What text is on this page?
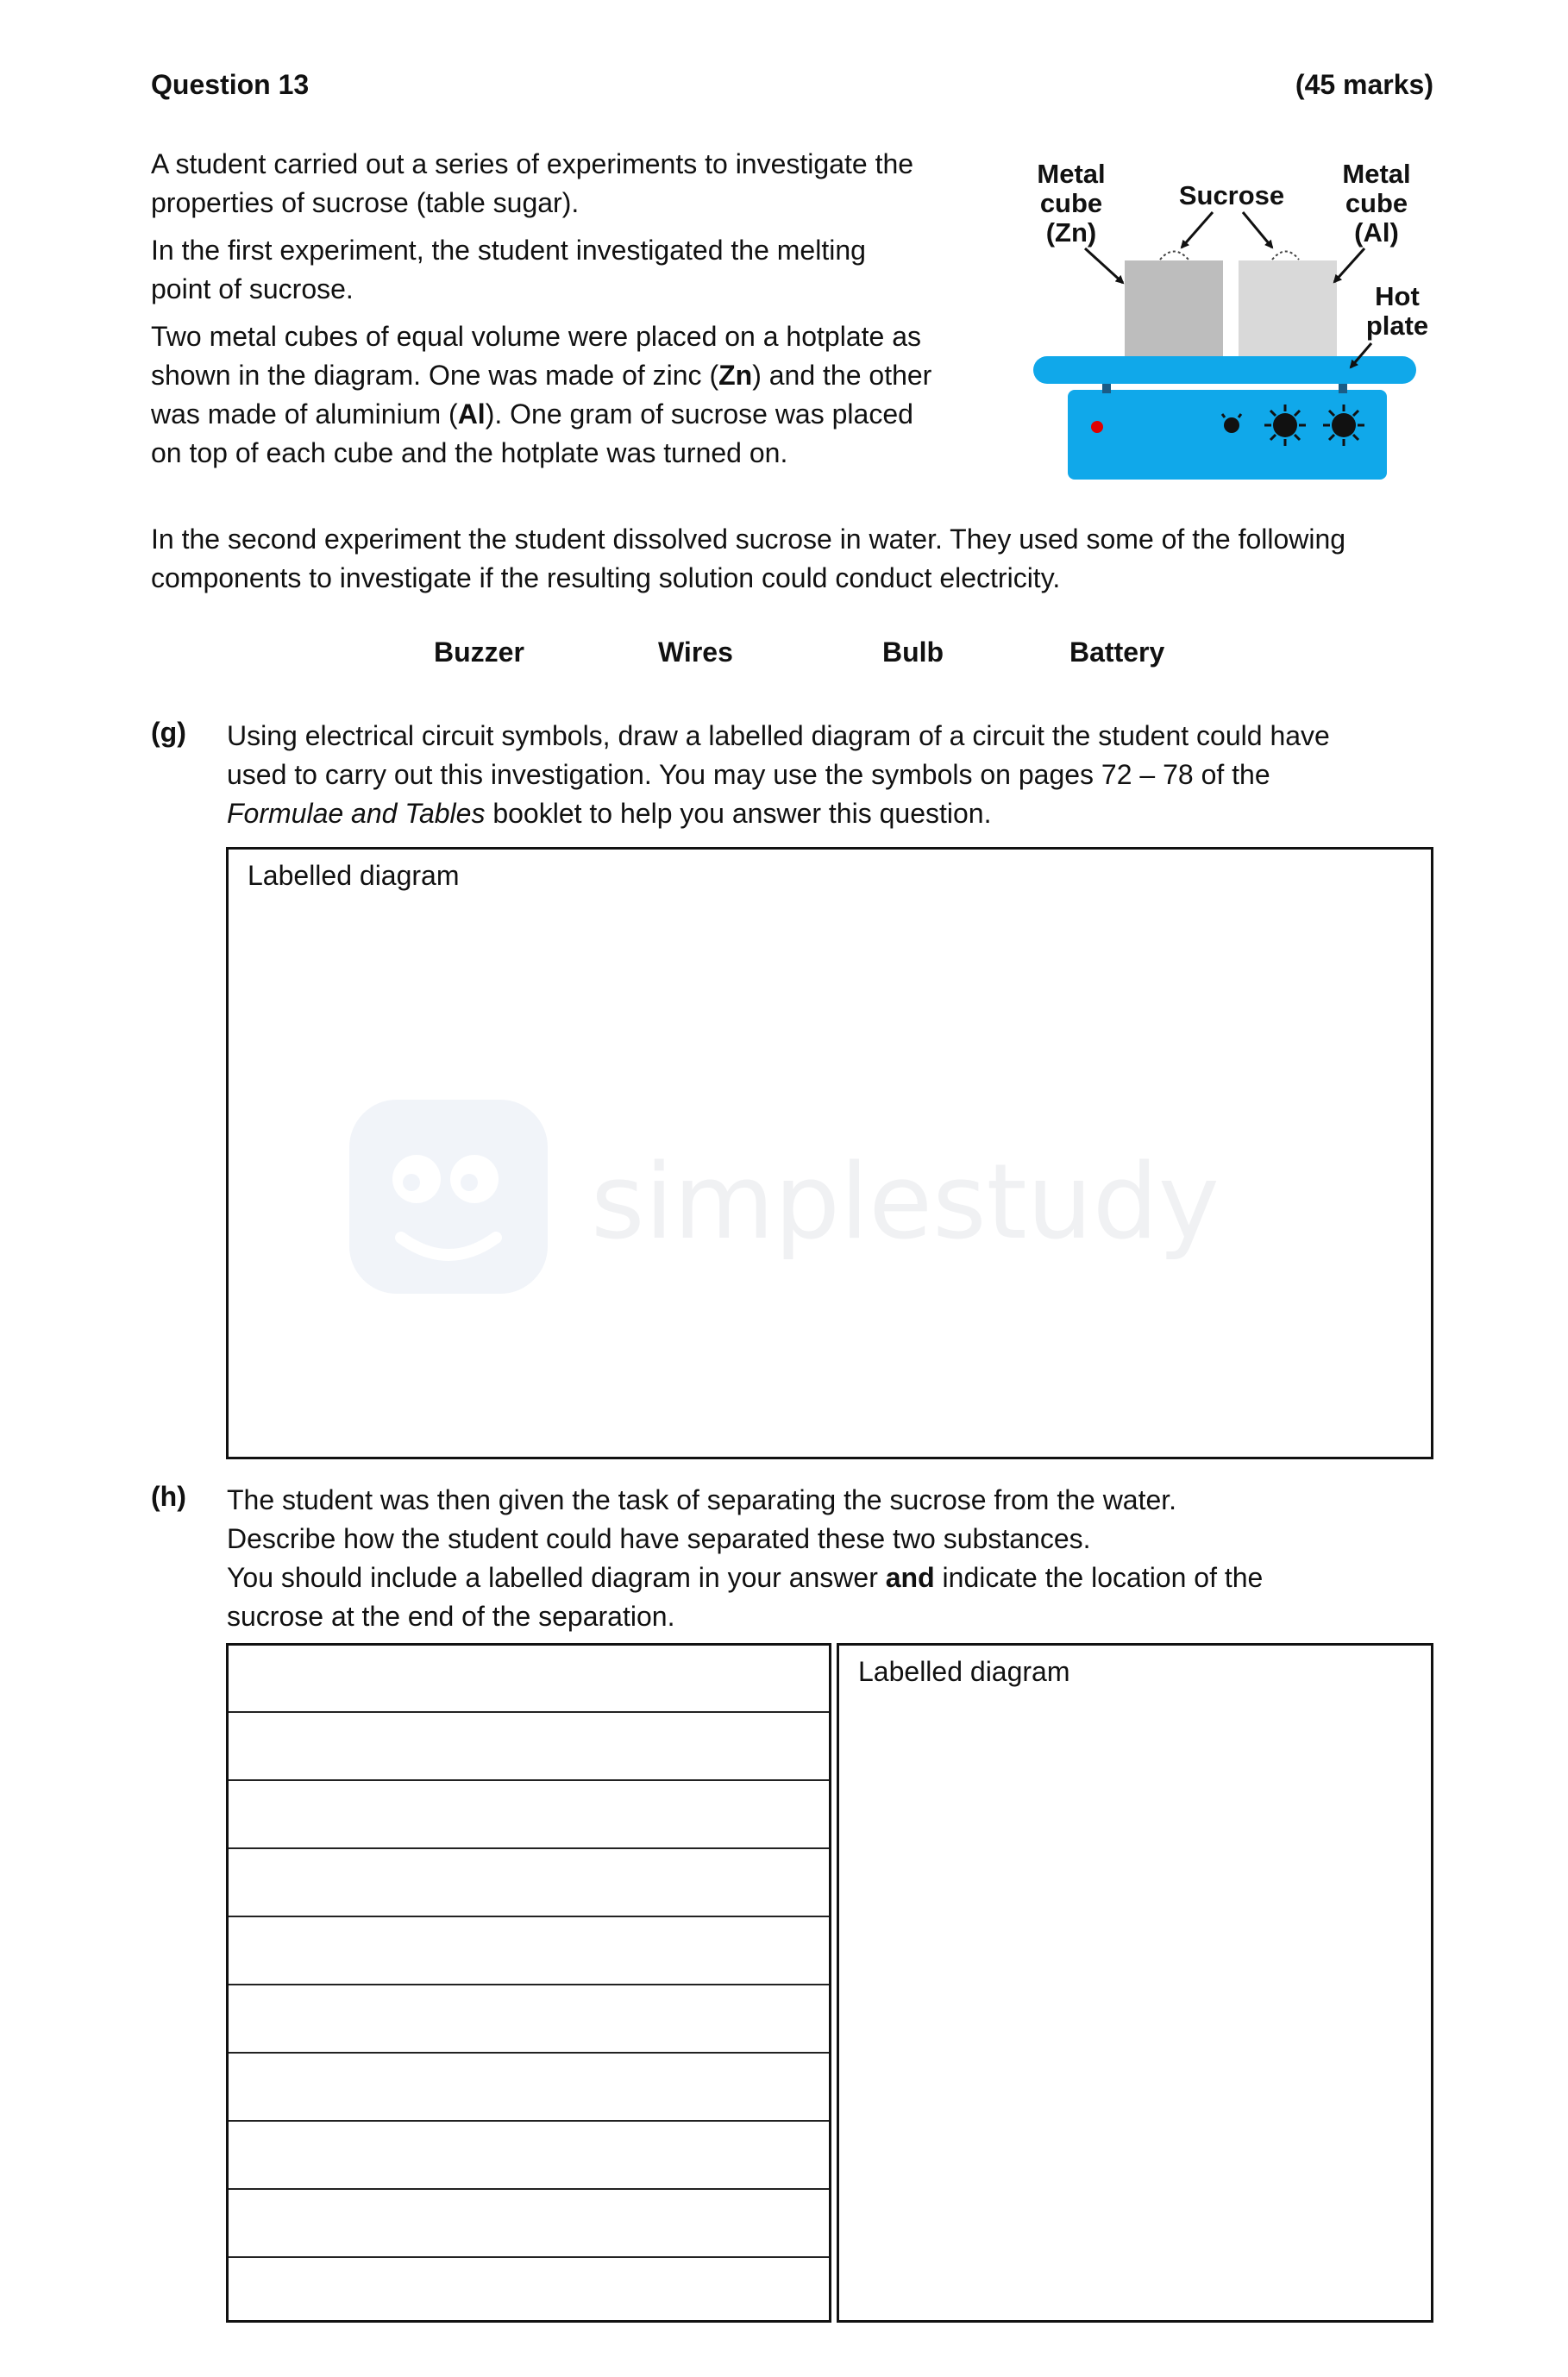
Question 13	(45 marks)
A student carried out a series of experiments to investigate the
properties of sucrose (table sugar).
In the first experiment, the student investigated the melting
point of sucrose.
Two metal cubes of equal volume were placed on a hotplate as
shown in the diagram. One was made of zinc (Zn) and the other
was made of aluminium (Al). One gram of sucrose was placed
on top of each cube and the hotplate was turned on.
Metal
cube
(Zn)
Sucrose
Metal
cube
(Al)
Hot
plate
In the second experiment the student dissolved sucrose in water. They used some of the following
components to investigate if the resulting solution could conduct electricity.
Buzzer	Wires	Bulb	Battery
(g) Using electrical circuit symbols, draw a labelled diagram of a circuit the student could have
used to carry out this investigation. You may use the symbols on pages 72 – 78 of the
Formulae and Tables booklet to help you answer this question.
Labelled diagram
simplestudy
(h) The student was then given the task of separating the sucrose from the water.
Describe how the student could have separated these two substances.
You should include a labelled diagram in your answer and indicate the location of the
sucrose at the end of the separation.
Labelled diagram
